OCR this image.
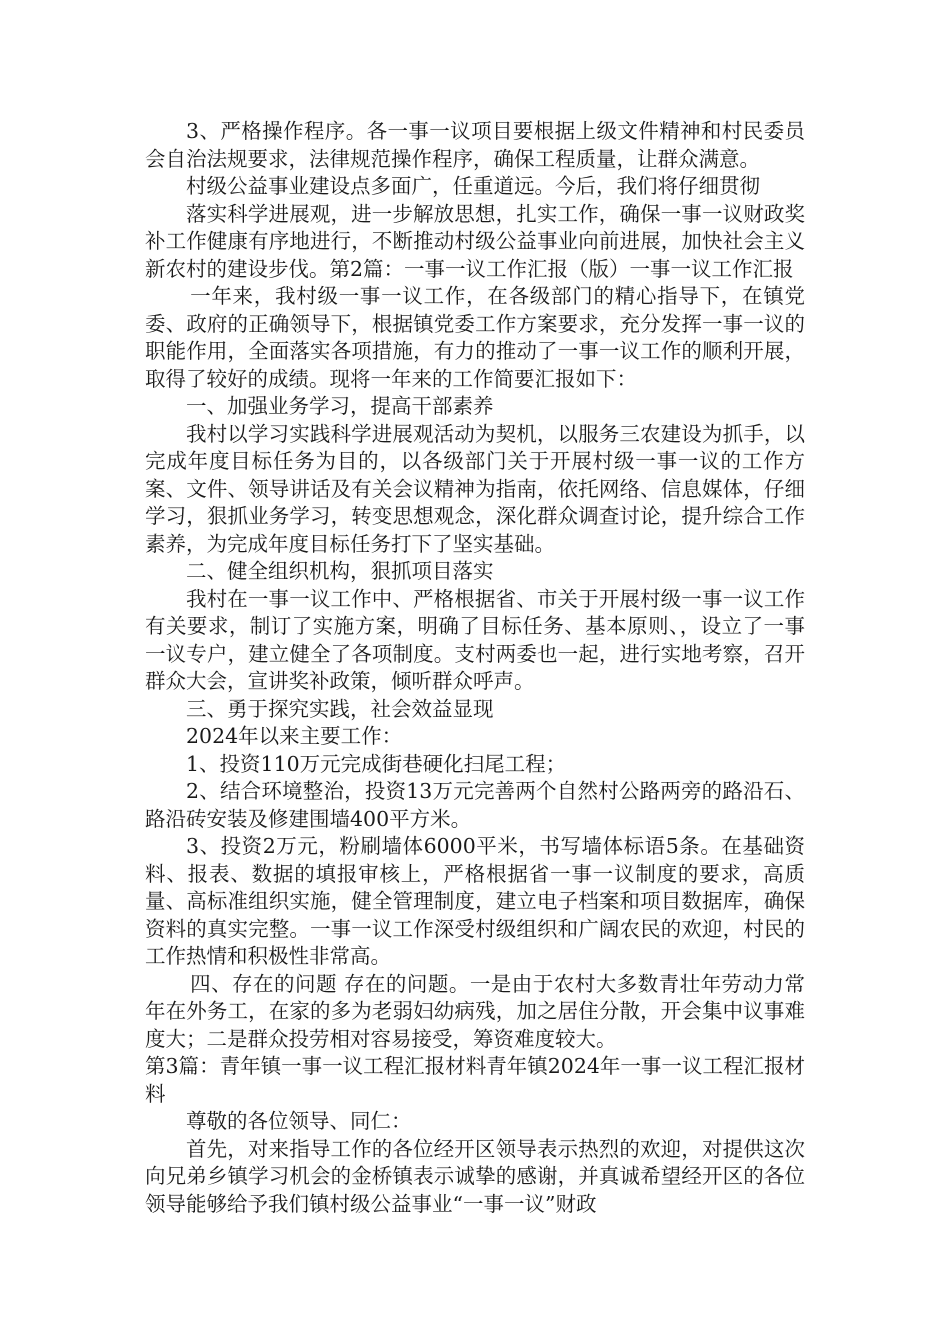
3、严格操作程序。各一事一议项目要根据上级文件精神和村民委员会自治法规要求，法律规范操作程序，确保工程质量，让群众满意。

村级公益事业建设点多面广，任重道远。今后，我们将仔细贯彻

落实科学进展观，进一步解放思想，扎实工作，确保一事一议财政奖补工作健康有序地进行，不断推动村级公益事业向前进展，加快社会主义新农村的建设步伐。第2篇：一事一议工作汇报（版）一事一议工作汇报

一年来，我村级一事一议工作，在各级部门的精心指导下，在镇党委、政府的正确领导下，根据镇党委工作方案要求，充分发挥一事一议的职能作用，全面落实各项措施，有力的推动了一事一议工作的顺利开展，取得了较好的成绩。现将一年来的工作简要汇报如下：

一、加强业务学习，提高干部素养

我村以学习实践科学进展观活动为契机，以服务三农建设为抓手，以完成年度目标任务为目的，以各级部门关于开展村级一事一议的工作方案、文件、领导讲话及有关会议精神为指南，依托网络、信息媒体，仔细学习，狠抓业务学习，转变思想观念，深化群众调查讨论，提升综合工作素养，为完成年度目标任务打下了坚实基础。

二、健全组织机构，狠抓项目落实

我村在一事一议工作中、严格根据省、市关于开展村级一事一议工作有关要求，制订了实施方案，明确了目标任务、基本原则、，设立了一事一议专户，建立健全了各项制度。支村两委也一起，进行实地考察，召开群众大会，宣讲奖补政策，倾听群众呼声。

三、勇于探究实践，社会效益显现

2024年以来主要工作：

1、投资110万元完成街巷硬化扫尾工程；

2、结合环境整治，投资13万元完善两个自然村公路两旁的路沿石、路沿砖安装及修建围墙400平方米。

3、投资2万元，粉刷墙体6000平米，书写墙体标语5条。在基础资料、报表、数据的填报审核上，严格根据省一事一议制度的要求，高质量、高标准组织实施，健全管理制度，建立电子档案和项目数据库，确保资料的真实完整。一事一议工作深受村级组织和广阔农民的欢迎，村民的工作热情和积极性非常高。

四、存在的问题 存在的问题。一是由于农村大多数青壮年劳动力常年在外务工，在家的多为老弱妇幼病残，加之居住分散，开会集中议事难度大；二是群众投劳相对容易接受，筹资难度较大。

第3篇：青年镇一事一议工程汇报材料青年镇2024年一事一议工程汇报材料

尊敬的各位领导、同仁：

首先，对来指导工作的各位经开区领导表示热烈的欢迎，对提供这次向兄弟乡镇学习机会的金桥镇表示诚挚的感谢，并真诚希望经开区的各位领导能够给予我们镇村级公益事业“一事一议”财政
